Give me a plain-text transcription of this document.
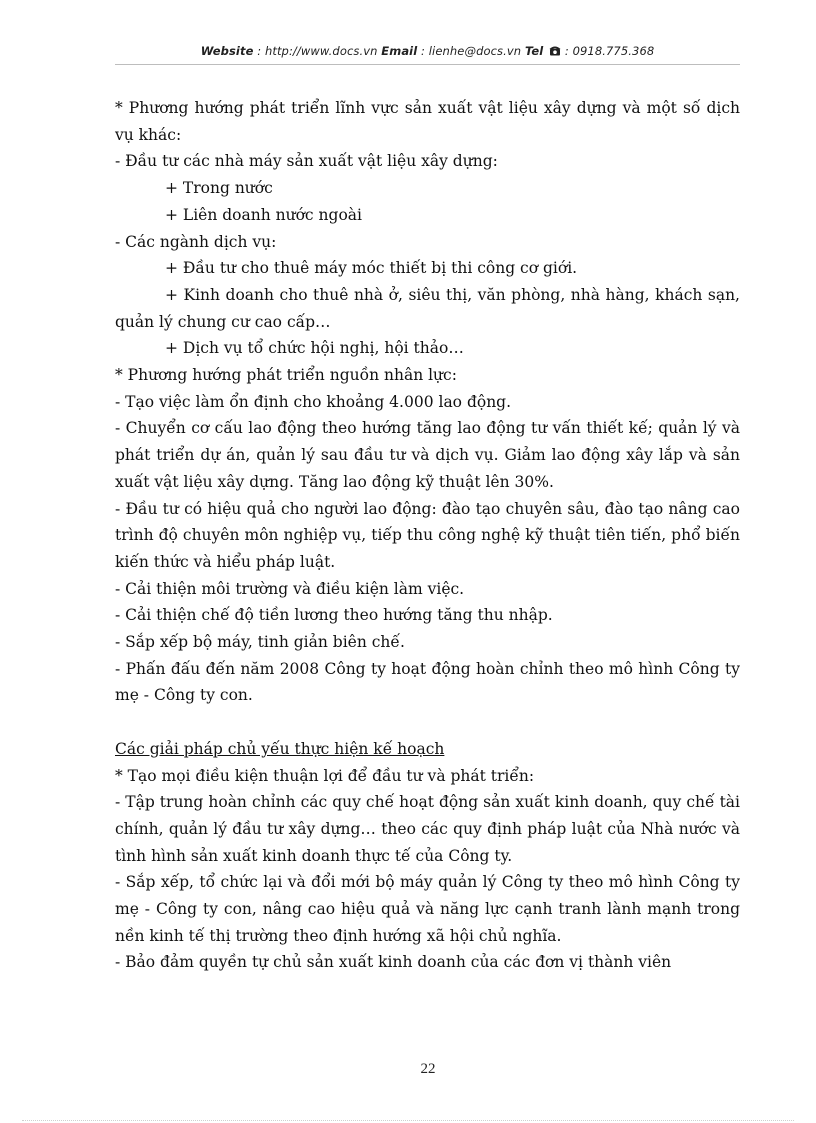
Website : http://www.docs.vn Email : lienhe@docs.vn Tel  : 0918.775.368

* Phương hướng phát triển lĩnh vực sản xuất vật liệu xây dựng và một số dịch vụ khác:

- Đầu tư các nhà máy sản xuất vật liệu xây dựng:

+ Trong nước

+ Liên doanh nước ngoài

- Các ngành dịch vụ:

+ Đầu tư cho thuê máy móc thiết bị thi công cơ giới.

+ Kinh doanh cho thuê nhà ở, siêu thị, văn phòng, nhà hàng, khách sạn, quản lý chung cư cao cấp…

+ Dịch vụ tổ chức hội nghị, hội thảo…

* Phương hướng phát triển nguồn nhân lực:

- Tạo việc làm ổn định cho khoảng 4.000 lao động.

- Chuyển cơ cấu lao động theo hướng tăng lao động tư vấn thiết kế; quản lý và phát triển dự án, quản lý sau đầu tư và dịch vụ. Giảm lao động xây lắp và sản xuất vật liệu xây dựng. Tăng lao động kỹ thuật lên 30%.

- Đầu tư có hiệu quả cho người lao động: đào tạo chuyên sâu, đào tạo nâng cao trình độ chuyên môn nghiệp vụ, tiếp thu công nghệ kỹ thuật tiên tiến, phổ biến kiến thức và hiểu pháp luật.

- Cải thiện môi trường và điều kiện làm việc.

- Cải thiện chế độ tiền lương theo hướng tăng thu nhập.

- Sắp xếp bộ máy, tinh giản biên chế.

- Phấn đấu đến năm 2008 Công ty hoạt động hoàn chỉnh theo mô hình Công ty mẹ - Công ty con.

Các giải pháp chủ yếu thực hiện kế hoạch

* Tạo mọi điều kiện thuận lợi để đầu tư và phát triển:

- Tập trung hoàn chỉnh các quy chế hoạt động sản xuất kinh doanh, quy chế tài chính, quản lý đầu tư xây dựng… theo các quy định pháp luật của Nhà nước và tình hình sản xuất kinh doanh thực tế của Công ty.

- Sắp xếp, tổ chức lại và đổi mới bộ máy quản lý Công ty theo mô hình Công ty mẹ - Công ty con, nâng cao hiệu quả và năng lực cạnh tranh lành mạnh trong nền kinh tế thị trường theo định hướng xã hội chủ nghĩa.

- Bảo đảm quyền tự chủ sản xuất kinh doanh của các đơn vị thành viên

22
